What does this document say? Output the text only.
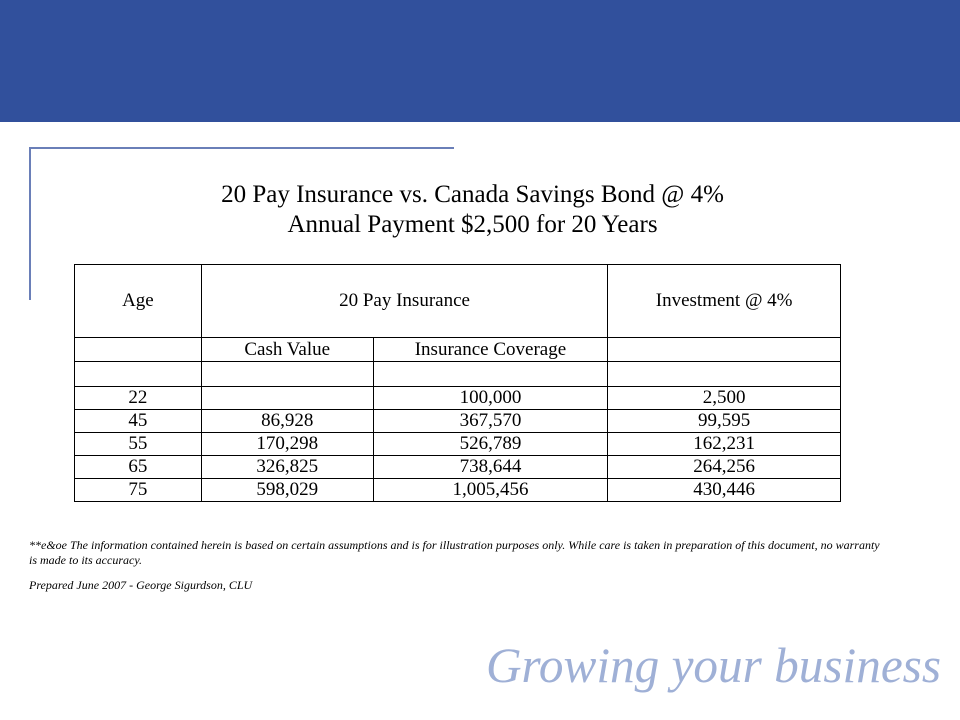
20 Pay Insurance vs. Canada Savings Bond @ 4%
Annual Payment $2,500 for 20 Years
Age	20 Pay Insurance		Investment @ 4%
	Cash Value	Insurance Coverage	

22		100,000	2,500
45	86,928	367,570	99,595
55	170,298	526,789	162,231
65	326,825	738,644	264,256
75	598,029	1,005,456	430,446
**e&oe The information contained herein is based on certain assumptions and is for illustration purposes only. While care is taken in preparation of this document, no warranty
is made to its accuracy.
Prepared June 2007 - George Sigurdson, CLU
Growing your business
